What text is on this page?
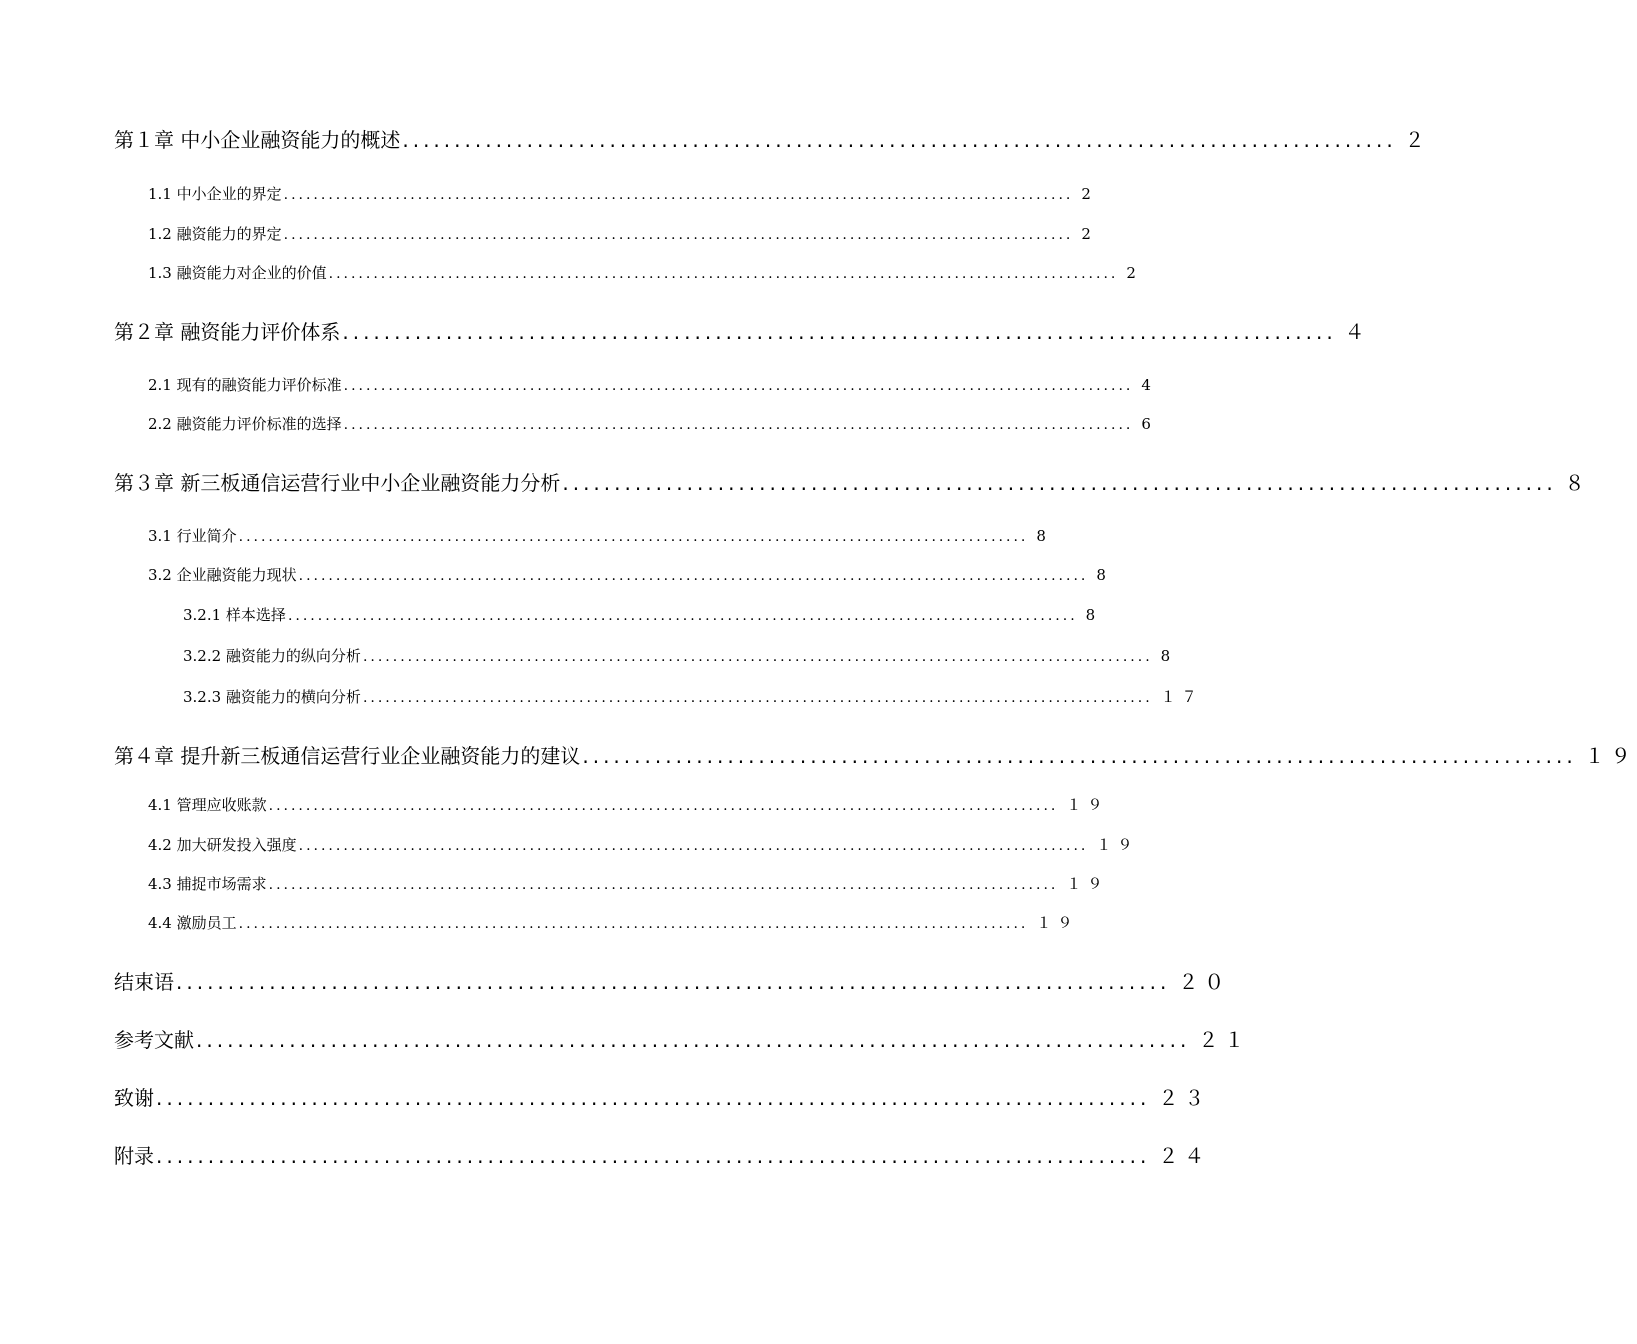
第１章 中小企业融资能力的概述 ................................................................................................ ２
1.1 中小企业的界定 .......................................................................................................... 2
1.2 融资能力的界定 .......................................................................................................... 2
1.3 融资能力对企业的价值 .......................................................................................................... 2
第２章 融资能力评价体系 ................................................................................................ ４
2.1 现有的融资能力评价标准 .......................................................................................................... 4
2.2 融资能力评价标准的选择 .......................................................................................................... 6
第３章 新三板通信运营行业中小企业融资能力分析 ................................................................................................ ８
3.1 行业简介 .......................................................................................................... 8
3.2 企业融资能力现状 .......................................................................................................... 8
3.2.1 样本选择 .......................................................................................................... 8
3.2.2 融资能力的纵向分析 .......................................................................................................... 8
3.2.3 融资能力的横向分析 .......................................................................................................... １７
第４章 提升新三板通信运营行业企业融资能力的建议 ................................................................................................ １９
4.1 管理应收账款 .......................................................................................................... １９
4.2 加大研发投入强度 .......................................................................................................... １９
4.3 捕捉市场需求 .......................................................................................................... １９
4.4 激励员工 .......................................................................................................... １９
结束语 ................................................................................................ ２０
参考文献 ................................................................................................ ２１
致谢 ................................................................................................ ２３
附录 ................................................................................................ ２４
